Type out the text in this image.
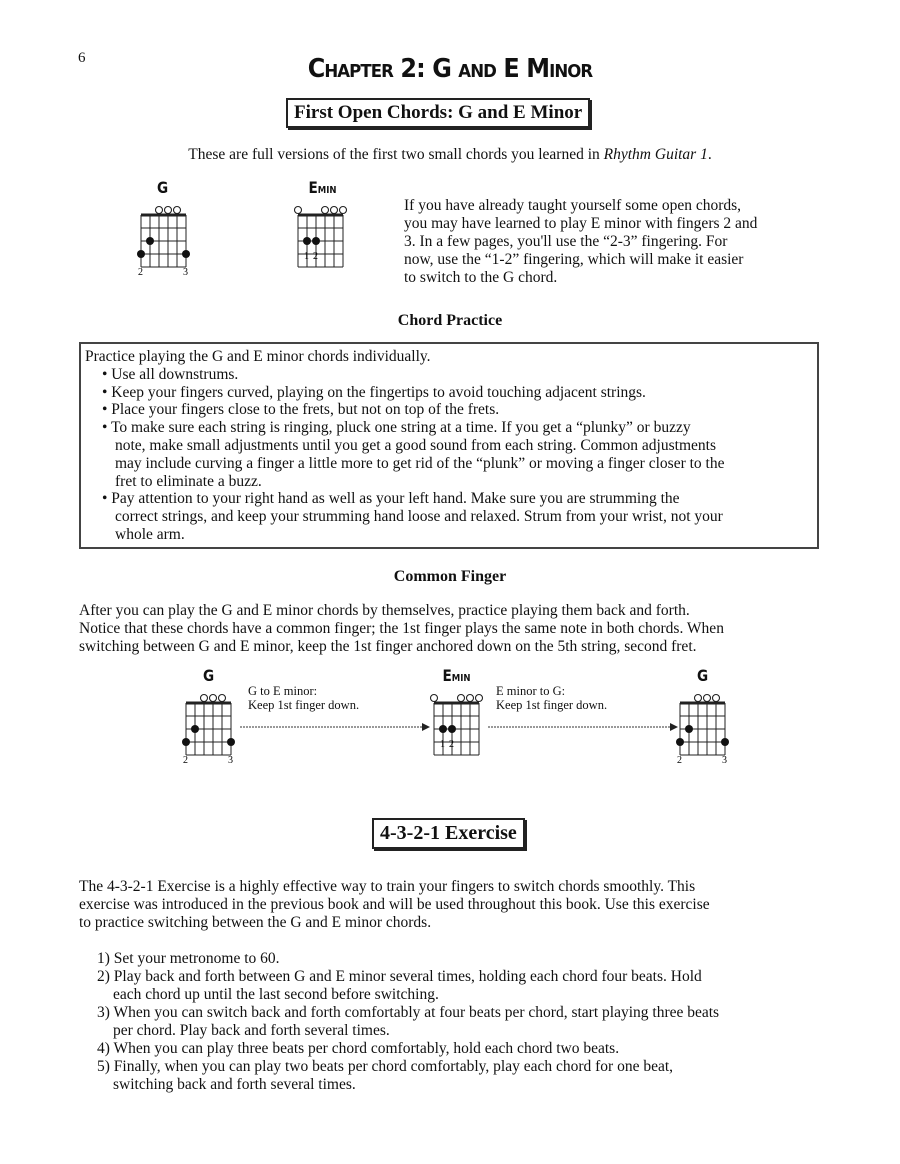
6	Chapter 2: G and E Minor
First Open Chords: G and E Minor
These are full versions of the first two small chords you learned in Rhythm Guitar 1.
G	EMIN
2	3
1 2
If you have already taught yourself some open chords,
you may have learned to play E minor with fingers 2 and
3. In a few pages, you'll use the “2-3” fingering. For
now, use the “1-2” fingering, which will make it easier
to switch to the G chord.
Chord Practice
Practice playing the G and E minor chords individually.
• Use all downstrums.
• Keep your fingers curved, playing on the fingertips to avoid touching adjacent strings.
• Place your fingers close to the frets, but not on top of the frets.
• To make sure each string is ringing, pluck one string at a time. If you get a “plunky” or buzzy
note, make small adjustments until you get a good sound from each string. Common adjustments
may include curving a finger a little more to get rid of the “plunk” or moving a finger closer to the
fret to eliminate a buzz.
• Pay attention to your right hand as well as your left hand. Make sure you are strumming the
correct strings, and keep your strumming hand loose and relaxed. Strum from your wrist, not your
whole arm.
Common Finger
After you can play the G and E minor chords by themselves, practice playing them back and forth.
Notice that these chords have a common finger; the 1st finger plays the same note in both chords. When
switching between G and E minor, keep the 1st finger anchored down on the 5th string, second fret.
G	EMIN	G
2	3
1 2
2	3
G to E minor:
Keep 1st finger down.
E minor to G:
Keep 1st finger down.
4-3-2-1 Exercise
The 4-3-2-1 Exercise is a highly effective way to train your fingers to switch chords smoothly. This
exercise was introduced in the previous book and will be used throughout this book. Use this exercise
to practice switching between the G and E minor chords.
1) Set your metronome to 60.
2) Play back and forth between G and E minor several times, holding each chord four beats. Hold
each chord up until the last second before switching.
3) When you can switch back and forth comfortably at four beats per chord, start playing three beats
per chord. Play back and forth several times.
4) When you can play three beats per chord comfortably, hold each chord two beats.
5) Finally, when you can play two beats per chord comfortably, play each chord for one beat,
switching back and forth several times.
